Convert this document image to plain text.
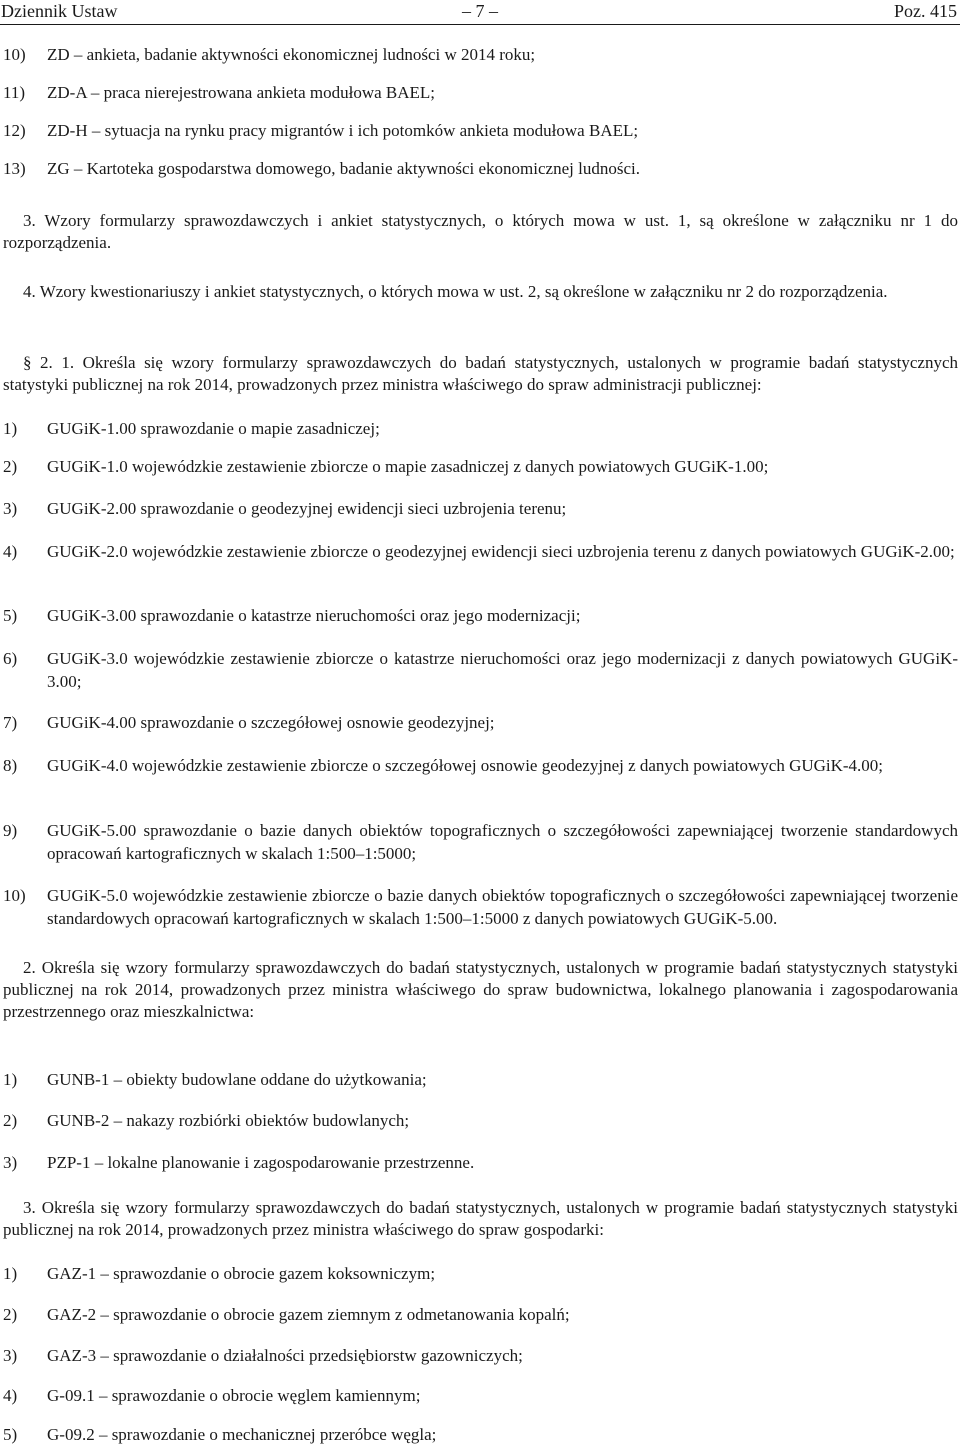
Dziennik Ustaw	– 7 –	Poz. 415
10) ZD – ankieta, badanie aktywności ekonomicznej ludności w 2014 roku;
11) ZD-A – praca nierejestrowana ankieta modułowa BAEL;
12) ZD-H – sytuacja na rynku pracy migrantów i ich potomków ankieta modułowa BAEL;
13) ZG – Kartoteka gospodarstwa domowego, badanie aktywności ekonomicznej ludności.
3. Wzory formularzy sprawozdawczych i ankiet statystycznych, o których mowa w ust. 1, są określone w załączniku nr 1 do rozporządzenia.
4. Wzory kwestionariuszy i ankiet statystycznych, o których mowa w ust. 2, są określone w załączniku nr 2 do rozporządzenia.
§ 2. 1. Określa się wzory formularzy sprawozdawczych do badań statystycznych, ustalonych w programie badań statystycznych statystyki publicznej na rok 2014, prowadzonych przez ministra właściwego do spraw administracji publicznej:
1) GUGiK-1.00 sprawozdanie o mapie zasadniczej;
2) GUGiK-1.0 wojewódzkie zestawienie zbiorcze o mapie zasadniczej z danych powiatowych GUGiK-1.00;
3) GUGiK-2.00 sprawozdanie o geodezyjnej ewidencji sieci uzbrojenia terenu;
4) GUGiK-2.0 wojewódzkie zestawienie zbiorcze o geodezyjnej ewidencji sieci uzbrojenia terenu z danych powiatowych GUGiK-2.00;
5) GUGiK-3.00 sprawozdanie o katastrze nieruchomości oraz jego modernizacji;
6) GUGiK-3.0 wojewódzkie zestawienie zbiorcze o katastrze nieruchomości oraz jego modernizacji z danych powiatowych GUGiK- 3.00;
7) GUGiK-4.00 sprawozdanie o szczegółowej osnowie geodezyjnej;
8) GUGiK-4.0 wojewódzkie zestawienie zbiorcze o szczegółowej osnowie geodezyjnej z danych powiatowych GUGiK-4.00;
9) GUGiK-5.00 sprawozdanie o bazie danych obiektów topograficznych o szczegółowości zapewniającej tworzenie standardowych opracowań kartograficznych w skalach 1:500–1:5000;
10) GUGiK-5.0 wojewódzkie zestawienie zbiorcze o bazie danych obiektów topograficznych o szczegółowości zapewniającej tworzenie standardowych opracowań kartograficznych w skalach 1:500–1:5000 z danych powiatowych GUGiK-5.00.
2. Określa się wzory formularzy sprawozdawczych do badań statystycznych, ustalonych w programie badań statystycznych statystyki publicznej na rok 2014, prowadzonych przez ministra właściwego do spraw budownictwa, lokalnego planowania i zagospodarowania przestrzennego oraz mieszkalnictwa:
1) GUNB-1 – obiekty budowlane oddane do użytkowania;
2) GUNB-2 – nakazy rozbiórki obiektów budowlanych;
3) PZP-1 – lokalne planowanie i zagospodarowanie przestrzenne.
3. Określa się wzory formularzy sprawozdawczych do badań statystycznych, ustalonych w programie badań statystycznych statystyki publicznej na rok 2014, prowadzonych przez ministra właściwego do spraw gospodarki:
1) GAZ-1 – sprawozdanie o obrocie gazem koksowniczym;
2) GAZ-2 – sprawozdanie o obrocie gazem ziemnym z odmetanowania kopalń;
3) GAZ-3 – sprawozdanie o działalności przedsiębiorstw gazowniczych;
4) G-09.1 – sprawozdanie o obrocie węglem kamiennym;
5) G-09.2 – sprawozdanie o mechanicznej przeróbce węgla;
